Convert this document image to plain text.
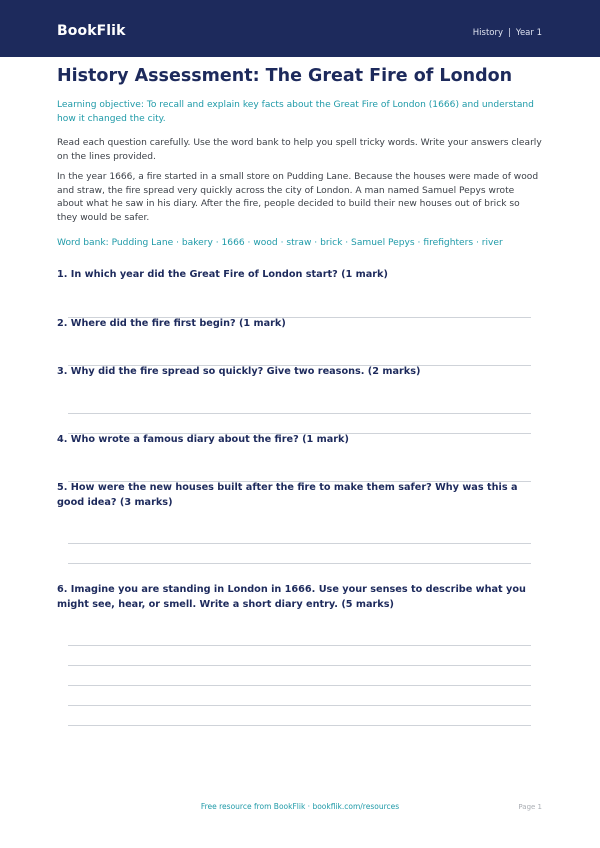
BookFlik	History | Year 1
History Assessment: The Great Fire of London
Learning objective: To recall and explain key facts about the Great Fire of London (1666) and understand how it changed the city.
Read each question carefully. Use the word bank to help you spell tricky words. Write your answers clearly on the lines provided.
In the year 1666, a fire started in a small store on Pudding Lane. Because the houses were made of wood and straw, the fire spread very quickly across the city of London. A man named Samuel Pepys wrote about what he saw in his diary. After the fire, people decided to build their new houses out of brick so they would be safer.
Word bank: Pudding Lane · bakery · 1666 · wood · straw · brick · Samuel Pepys · firefighters · river
1. In which year did the Great Fire of London start? (1 mark)
2. Where did the fire first begin? (1 mark)
3. Why did the fire spread so quickly? Give two reasons. (2 marks)
4. Who wrote a famous diary about the fire? (1 mark)
5. How were the new houses built after the fire to make them safer? Why was this a good idea? (3 marks)
6. Imagine you are standing in London in 1666. Use your senses to describe what you might see, hear, or smell. Write a short diary entry. (5 marks)
Free resource from BookFlik · bookflik.com/resources	Page 1
